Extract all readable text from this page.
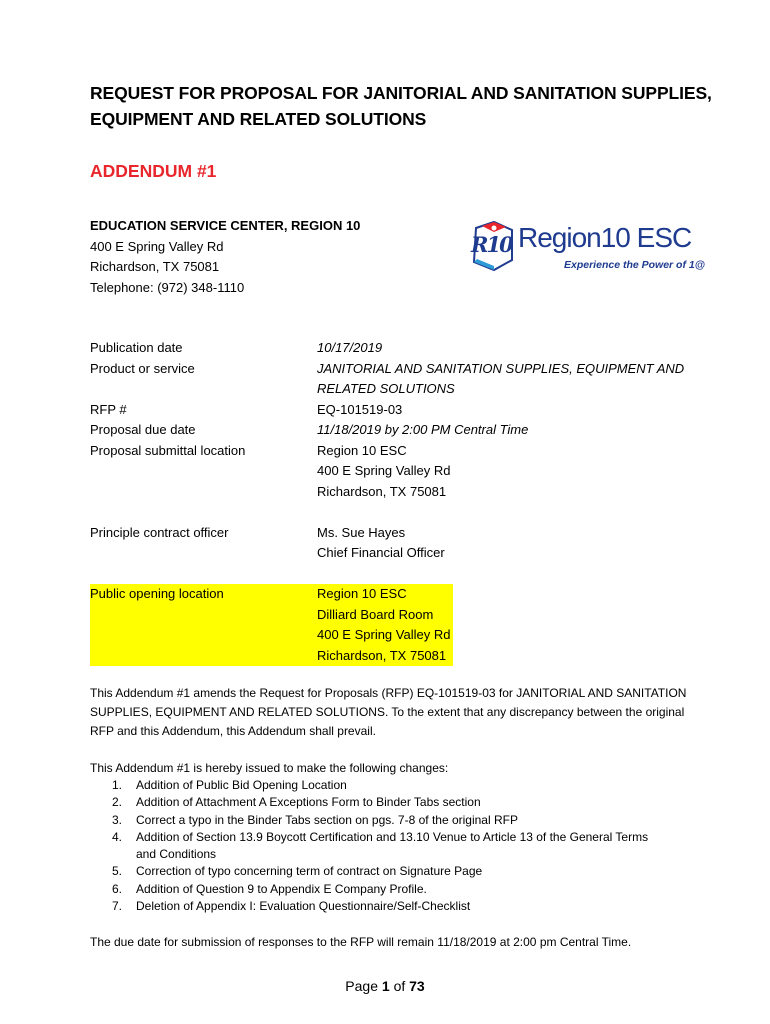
REQUEST FOR PROPOSAL FOR JANITORIAL AND SANITATION SUPPLIES,
EQUIPMENT AND RELATED SOLUTIONS
ADDENDUM #1
EDUCATION SERVICE CENTER, REGION 10
400 E Spring Valley Rd
Richardson, TX 75081
Telephone: (972) 348-1110
R10 Region10 ESC
Experience the Power of 1@
Publication date	10/17/2019
Product or service	JANITORIAL AND SANITATION SUPPLIES, EQUIPMENT AND
RELATED SOLUTIONS
RFP #	EQ-101519-03
Proposal due date	11/18/2019 by 2:00 PM Central Time
Proposal submittal location	Region 10 ESC
400 E Spring Valley Rd
Richardson, TX 75081
Principle contract officer	Ms. Sue Hayes
Chief Financial Officer
Public opening location	Region 10 ESC
Dilliard Board Room
400 E Spring Valley Rd
Richardson, TX 75081
This Addendum #1 amends the Request for Proposals (RFP) EQ-101519-03 for JANITORIAL AND SANITATION
SUPPLIES, EQUIPMENT AND RELATED SOLUTIONS. To the extent that any discrepancy between the original
RFP and this Addendum, this Addendum shall prevail.
This Addendum #1 is hereby issued to make the following changes:
1. Addition of Public Bid Opening Location
2. Addition of Attachment A Exceptions Form to Binder Tabs section
3. Correct a typo in the Binder Tabs section on pgs. 7-8 of the original RFP
4. Addition of Section 13.9 Boycott Certification and 13.10 Venue to Article 13 of the General Terms
and Conditions
5. Correction of typo concerning term of contract on Signature Page
6. Addition of Question 9 to Appendix E Company Profile.
7. Deletion of Appendix I: Evaluation Questionnaire/Self-Checklist
The due date for submission of responses to the RFP will remain 11/18/2019 at 2:00 pm Central Time.
Page 1 of 73
